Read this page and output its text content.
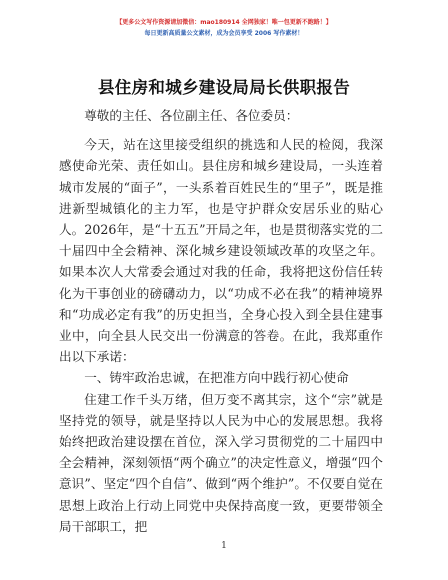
【更多公文写作资源请加微信：mao180914 全网独家！唯一包更新不跑路！】
每日更新高质量公文素材，成为会员享受 2006 写作素材！
县住房和城乡建设局局长供职报告

尊敬的主任、各位副主任、各位委员：

今天，站在这里接受组织的挑选和人民的检阅，我深感使命光荣、责任如山。县住房和城乡建设局，一头连着城市发展的“面子”，一头系着百姓民生的“里子”，既是推进新型城镇化的主力军，也是守护群众安居乐业的贴心人。2026年，是“十五五”开局之年，也是贯彻落实党的二十届四中全会精神、深化城乡建设领域改革的攻坚之年。如果本次人大常委会通过对我的任命，我将把这份信任转化为干事创业的磅礴动力，以“功成不必在我”的精神境界和“功成必定有我”的历史担当，全身心投入到全县住建事业中，向全县人民交出一份满意的答卷。在此，我郑重作出以下承诺：

一、铸牢政治忠诚，在把准方向中践行初心使命

住建工作千头万绪，但万变不离其宗，这个“宗”就是坚持党的领导，就是坚持以人民为中心的发展思想。我将始终把政治建设摆在首位，深入学习贯彻党的二十届四中全会精神，深刻领悟“两个确立”的决定性意义，增强“四个意识”、坚定“四个自信”、做到“两个维护”。不仅要自觉在思想上政治上行动上同党中央保持高度一致，更要带领全局干部职工，把

1
